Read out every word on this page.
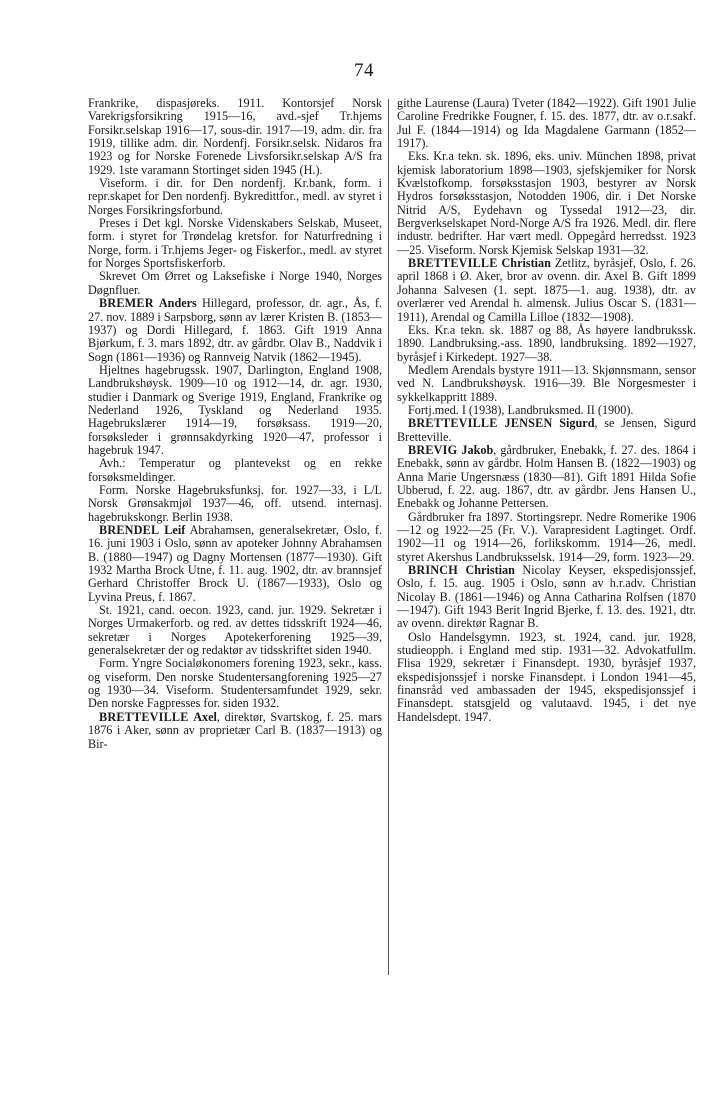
74

Frankrike, dispasjøreks. 1911. Kontorsjef Norsk Varekrigsforsikring 1915—16, avd.-sjef Tr.hjems Forsikr.selskap 1916—17, sous-dir. 1917—19, adm. dir. fra 1919, tillike adm. dir. Nordenfj. Forsikr.selsk. Nidaros fra 1923 og for Norske Forenede Livsforsikr.selskap A/S fra 1929. 1ste varamann Stortinget siden 1945 (H.).

Viseform. i dir. for Den nordenfj. Kr.bank, form. i repr.skapet for Den nordenfj. Bykredittfor., medl. av styret i Norges Forsikringsforbund.

Preses i Det kgl. Norske Videnskabers Selskab, Museet, form. i styret for Trøndelag kretsfor. for Naturfredning i Norge, form. i Tr.hjems Jeger- og Fiskerfor., medl. av styret for Norges Sportsfiskerforb.

Skrevet Om Ørret og Laksefiske i Norge 1940, Norges Døgnfluer.

BREMER Anders Hillegard, professor, dr. agr., Ås, f. 27. nov. 1889 i Sarpsborg, sønn av lærer Kristen B. (1853—1937) og Dordi Hillegard, f. 1863. Gift 1919 Anna Bjørkum, f. 3. mars 1892, dtr. av gårdbr. Olav B., Naddvik i Sogn (1861—1936) og Rannveig Natvik (1862—1945).

Hjeltnes hagebrugssk. 1907, Darlington, England 1908, Landbrukshøysk. 1909—10 og 1912—14, dr. agr. 1930, studier i Danmark og Sverige 1919, England, Frankrike og Nederland 1926, Tyskland og Nederland 1935. Hagebrukslærer 1914—19, forsøksass. 1919—20, forsøksleder i grønnsakdyrking 1920—47, professor i hagebruk 1947.

Avh.: Temperatur og plantevekst og en rekke forsøksmeldinger.

Form. Norske Hagebruksfunksj. for. 1927—33, i L/L Norsk Grønsakmjøl 1937—46, off. utsend. internasj. hagebrukskongr. Berlin 1938.

BRENDEL Leif Abrahamsen, generalsekretær, Oslo, f. 16. juni 1903 i Oslo, sønn av apoteker Johnny Abrahamsen B. (1880—1947) og Dagny Mortensen (1877—1930). Gift 1932 Martha Brock Utne, f. 11. aug. 1902, dtr. av brannsjef Gerhard Christoffer Brock U. (1867—1933), Oslo og Lyvina Preus, f. 1867.

St. 1921, cand. oecon. 1923, cand. jur. 1929. Sekretær i Norges Urmakerforb. og red. av dettes tidsskrift 1924—46, sekretær i Norges Apotekerforening 1925—39, generalsekretær der og redaktør av tidsskriftet siden 1940.

Form. Yngre Socialøkonomers forening 1923, sekr., kass. og viseform. Den norske Studentersangforening 1925—27 og 1930—34. Viseform. Studentersamfundet 1929, sekr. Den norske Fagpresses for. siden 1932.

BRETTEVILLE Axel, direktør, Svartskog, f. 25. mars 1876 i Aker, sønn av proprietær Carl B. (1837—1913) og Bir-

githe Laurense (Laura) Tveter (1842—1922). Gift 1901 Julie Caroline Fredrikke Fougner, f. 15. des. 1877, dtr. av o.r.sakf. Jul F. (1844—1914) og Ida Magdalene Garmann (1852—1917).

Eks. Kr.a tekn. sk. 1896, eks. univ. München 1898, privat kjemisk laboratorium 1898—1903, sjefskjemiker for Norsk Kvælstofkomp. forsøksstasjon 1903, bestyrer av Norsk Hydros forsøksstasjon, Notodden 1906, dir. i Det Norske Nitrid A/S, Eydehavn og Tyssedal 1912—23, dir. Bergverkselskapet Nord-Norge A/S fra 1926. Medl. dir. flere industr. bedrifter. Har vært medl. Oppegård herredsst. 1923—25. Viseform. Norsk Kjemisk Selskap 1931—32.

BRETTEVILLE Christian Zetlitz, byråsjef, Oslo, f. 26. april 1868 i Ø. Aker, bror av ovenn. dir. Axel B. Gift 1899 Johanna Salvesen (1. sept. 1875—1. aug. 1938), dtr. av overlærer ved Arendal h. almensk. Julius Oscar S. (1831—1911), Arendal og Camilla Lilloe (1832—1908).

Eks. Kr.a tekn. sk. 1887 og 88, Ås høyere landbrukssk. 1890. Landbruksing.-ass. 1890, landbruksing. 1892—1927, byråsjef i Kirkedept. 1927—38.

Medlem Arendals bystyre 1911—13. Skjønnsmann, sensor ved N. Landbrukshøysk. 1916—39. Ble Norgesmester i sykkelkappritt 1889.

Fortj.med. I (1938), Landbruksmed. II (1900).

BRETTEVILLE JENSEN Sigurd, se Jensen, Sigurd Bretteville.

BREVIG Jakob, gårdbruker, Enebakk, f. 27. des. 1864 i Enebakk, sønn av gårdbr. Holm Hansen B. (1822—1903) og Anna Marie Ungersnæss (1830—81). Gift 1891 Hilda Sofie Ubberud, f. 22. aug. 1867, dtr. av gårdbr. Jens Hansen U., Enebakk og Johanne Pettersen.

Gårdbruker fra 1897. Stortingsrepr. Nedre Romerike 1906—12 og 1922—25 (Fr. V.). Varapresident Lagtinget. Ordf. 1902—11 og 1914—26, forlikskomm. 1914—26, medl. styret Akershus Landbruksselsk. 1914—29, form. 1923—29.

BRINCH Christian Nicolay Keyser, ekspedisjonssjef, Oslo, f. 15. aug. 1905 i Oslo, sønn av h.r.adv. Christian Nicolay B. (1861—1946) og Anna Catharina Rolfsen (1870—1947). Gift 1943 Berit Ingrid Bjerke, f. 13. des. 1921, dtr. av ovenn. direktør Ragnar B.

Oslo Handelsgymn. 1923, st. 1924, cand. jur. 1928, studieopph. i England med stip. 1931—32. Advokatfullm. Flisa 1929, sekretær i Finansdept. 1930, byråsjef 1937, ekspedisjonssjef i norske Finansdept. i London 1941—45, finansråd ved ambassaden der 1945, ekspedisjonssjef i Finansdept. statsgjeld og valutaavd. 1945, i det nye Handelsdept. 1947.
